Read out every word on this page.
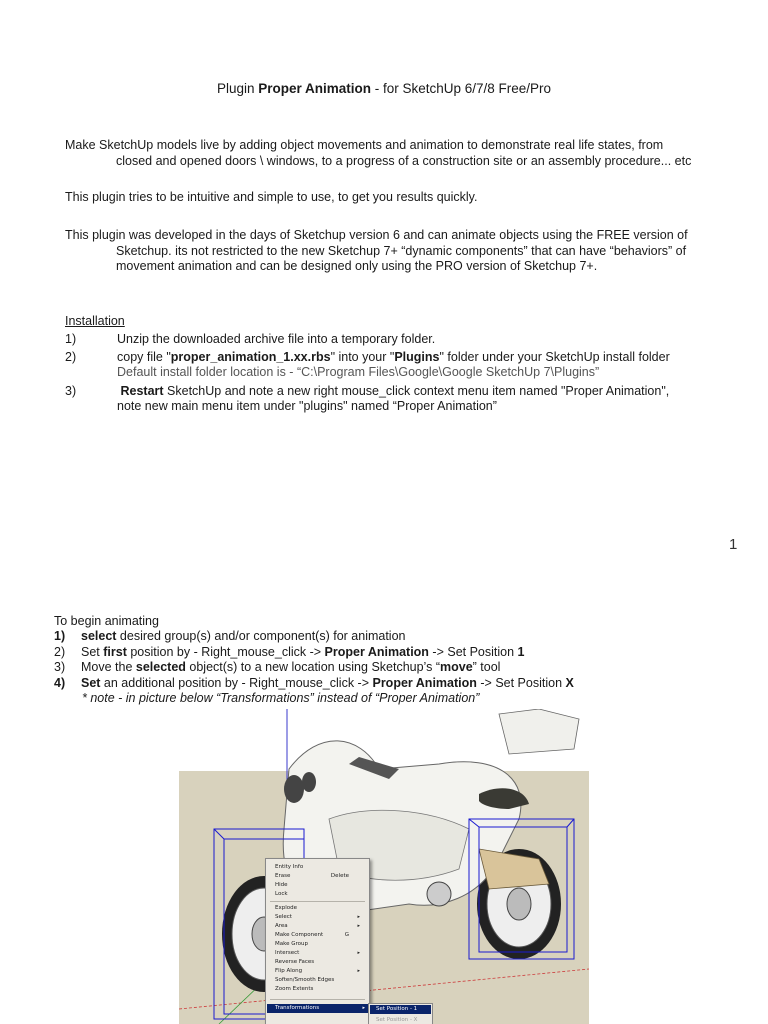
Plugin Proper Animation - for SketchUp 6/7/8 Free/Pro
Make SketchUp models live by adding object movements and animation to demonstrate real life states, from

closed and opened doors \ windows, to a progress of a construction site or an assembly procedure... etc
This plugin tries to be intuitive and simple to use, to get you results quickly.
This plugin was developed in the days of Sketchup version 6 and can animate objects using the FREE version of

Sketchup. its not restricted to the new Sketchup 7+ “dynamic components” that can have “behaviors” of
movement animation and can be designed only using the PRO version of Sketchup 7+.
Installation
1)	Unzip the downloaded archive file into a temporary folder.
2)	copy file "proper_animation_1.xx.rbs" into your "Plugins" folder under your SketchUp install folder
Default install folder location is - “C:\Program Files\Google\Google SketchUp 7\Plugins”
3)	Restart SketchUp and note a new right mouse_click context menu item named "Proper Animation",
note new main menu item under "plugins" named “Proper Animation”
1
To begin animating
1) select desired group(s) and/or component(s) for animation
2) Set first position by - Right_mouse_click -> Proper Animation -> Set Position 1
3) Move the selected object(s) to a new location using Sketchup’s “move” tool
4) Set an additional position by - Right_mouse_click -> Proper Animation -> Set Position X
* note - in picture below “Transformations” instead of “Proper Animation”
Entity Info
Erase	Delete
Hide
Lock
Explode
Select	▸
Area	▸
Make Component	G
Make Group
Intersect	▸
Reverse Faces
Flip Along	▸
Soften/Smooth Edges
Zoom Extents
Transformations	▸	Set Position - 1
Set Position - X
